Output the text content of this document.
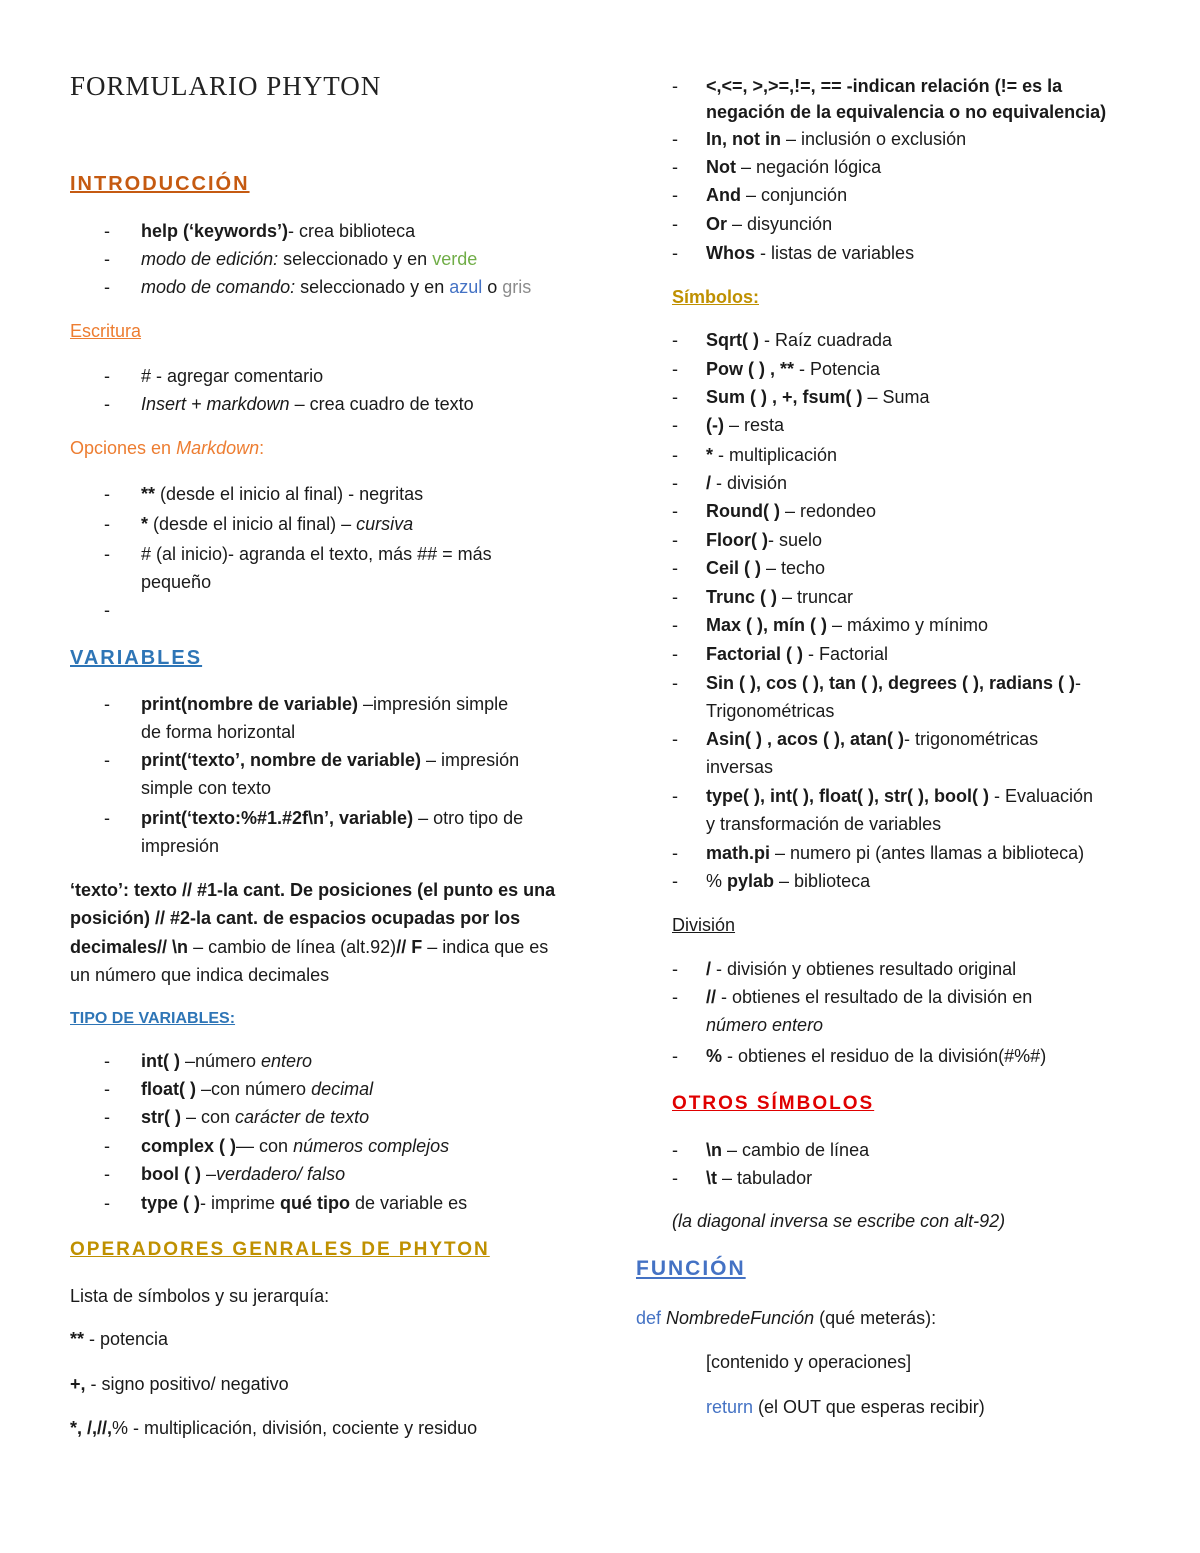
FORMULARIO PHYTON
INTRODUCCIÓN
- help (‘keywords’)- crea biblioteca
- modo de edición: seleccionado y en verde
- modo de comando: seleccionado y en azul o gris
Escritura
- # - agregar comentario
- Insert + markdown – crea cuadro de texto
Opciones en Markdown:
- ** (desde el inicio al final) - negritas
- * (desde el inicio al final) – cursiva
- # (al inicio)- agranda el texto, más ## = más
pequeño
-
VARIABLES
- print(nombre de variable) –impresión simple
de forma horizontal
- print(‘texto’, nombre de variable) – impresión
simple con texto
- print(‘texto:%#1.#2f\n’, variable) – otro tipo de
impresión
‘texto’: texto // #1-la cant. De posiciones (el punto es una
posición) // #2-la cant. de espacios ocupadas por los
decimales// \n – cambio de línea (alt.92)// F – indica que es
un número que indica decimales
TIPO DE VARIABLES:
- int( ) –número entero
- float( ) –con número decimal
- str( ) – con carácter de texto
- complex ( )— con números complejos
- bool ( ) –verdadero/ falso
- type ( )- imprime qué tipo de variable es
OPERADORES GENRALES DE PHYTON
Lista de símbolos y su jerarquía:
** - potencia
+, - signo positivo/ negativo
*, /,//,% - multiplicación, división, cociente y residuo
- <,<=, >,>=,!=, == -indican relación (!= es la
negación de la equivalencia o no equivalencia)
- In, not in – inclusión o exclusión
- Not – negación lógica
- And – conjunción
- Or – disyunción
- Whos - listas de variables
Símbolos:
- Sqrt( ) - Raíz cuadrada
- Pow ( ) , ** - Potencia
- Sum ( ) , +, fsum( ) – Suma
- (-) – resta
- * - multiplicación
- / - división
- Round( ) – redondeo
- Floor( )- suelo
- Ceil ( ) – techo
- Trunc ( ) – truncar
- Max ( ), mín ( ) – máximo y mínimo
- Factorial ( ) - Factorial
- Sin ( ), cos ( ), tan ( ), degrees ( ), radians ( )-
Trigonométricas
- Asin( ) , acos ( ), atan( )- trigonométricas
inversas
- type( ), int( ), float( ), str( ), bool( ) - Evaluación
y transformación de variables
- math.pi – numero pi (antes llamas a biblioteca)
- % pylab – biblioteca
División
- / - división y obtienes resultado original
- // - obtienes el resultado de la división en
número entero
- % - obtienes el residuo de la división(#%#)
OTROS SÍMBOLOS
- \n – cambio de línea
- \t – tabulador
(la diagonal inversa se escribe con alt-92)
FUNCIÓN
def NombredeFunción (qué meterás):
[contenido y operaciones]
return (el OUT que esperas recibir)
